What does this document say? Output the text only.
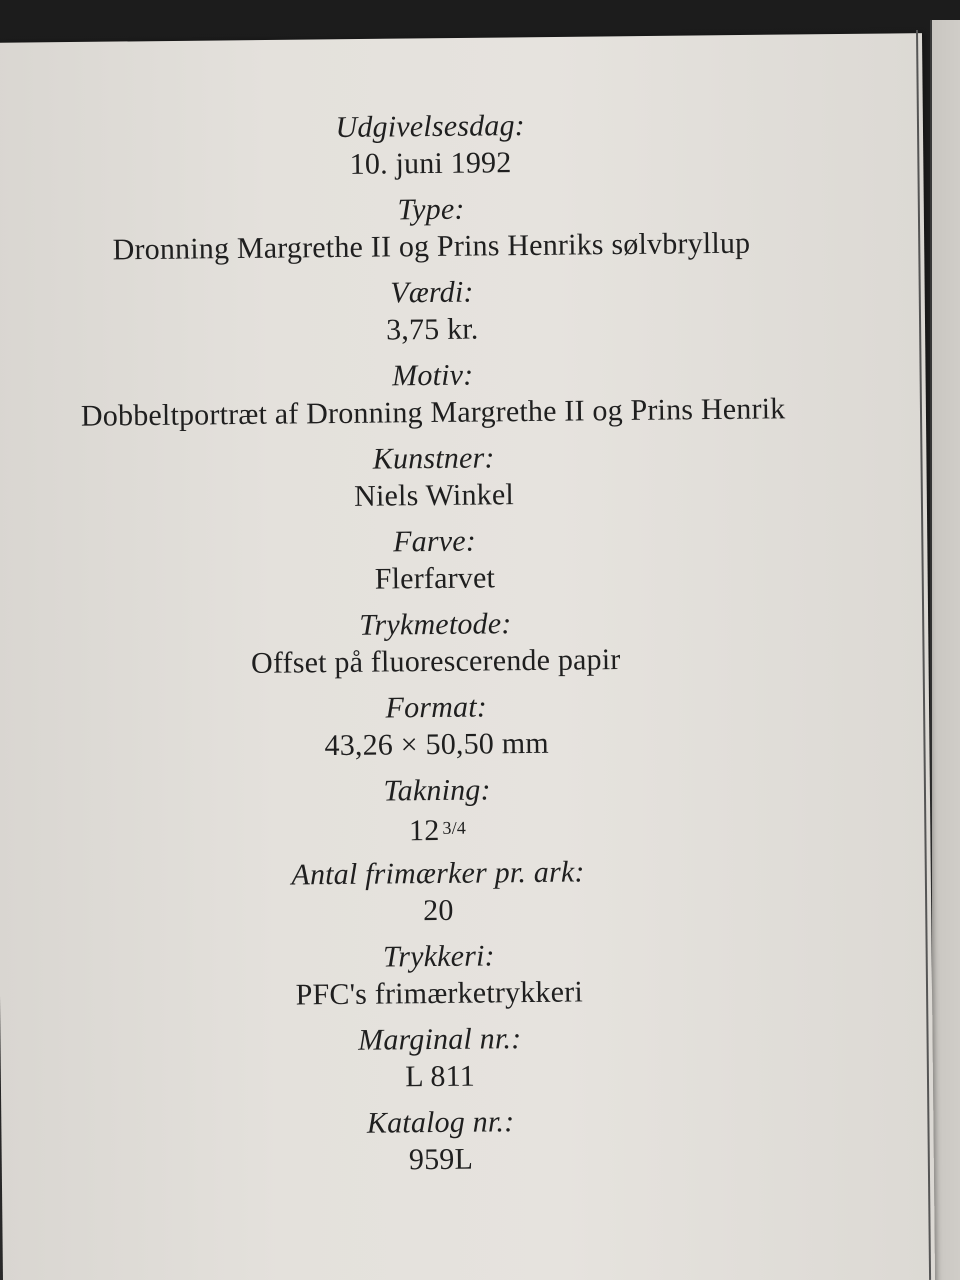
Udgivelsesdag:
10. juni 1992
Type:
Dronning Margrethe II og Prins Henriks sølvbryllup
Værdi:
3,75 kr.
Motiv:
Dobbeltportræt af Dronning Margrethe II og Prins Henrik
Kunstner:
Niels Winkel
Farve:
Flerfarvet
Trykmetode:
Offset på fluorescerende papir
Format:
43,26 × 50,50 mm
Takning:
12 $^{3/4}$
Antal frimærker pr. ark:
20
Trykkeri:
PFC's frimærketrykkeri
Marginal nr.:
L 811
Katalog nr.:
959L
